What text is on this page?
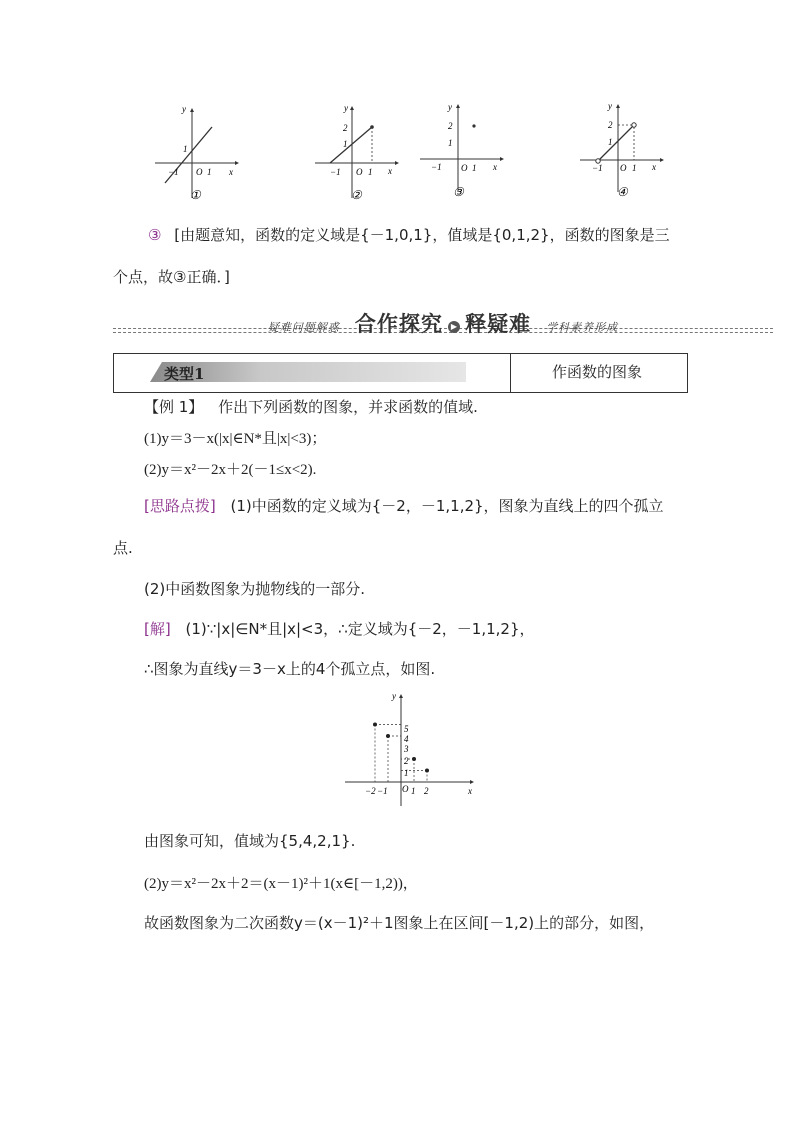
y
x
−1 O 1
1
①
y
x
−1 O 1
2
1
②
y
x
−1 O 1
2
1
③
y
x
−1 O 1
2
1
④
③ [由题意知，函数的定义域是{－1,0,1}，值域是{0,1,2}，函数的图象是三
个点，故③正确．]
疑难问题解惑 合作探究 ▶ 释疑难 学科素养形成
类型1	作函数的图象
【例 1】 作出下列函数的图象，并求函数的值域.
(1)y＝3－x(|x|∈N*且|x|<3)；
(2)y＝x²－2x＋2(－1≤x<2).
[思路点拨] (1)中函数的定义域为{－2，－1,1,2}，图象为直线上的四个孤立
点.
(2)中函数图象为抛物线的一部分.
[解] (1)∵|x|∈N*且|x|<3，∴定义域为{－2，－1,1,2}，
∴图象为直线y＝3－x上的4个孤立点，如图.
y
x
5
4
3
2
1
−2 −1 O 1 2
由图象可知，值域为{5,4,2,1}.
(2)y＝x²－2x＋2＝(x－1)²＋1(x∈[－1,2))，
故函数图象为二次函数y＝(x－1)²＋1图象上在区间[－1,2)上的部分，如图，
